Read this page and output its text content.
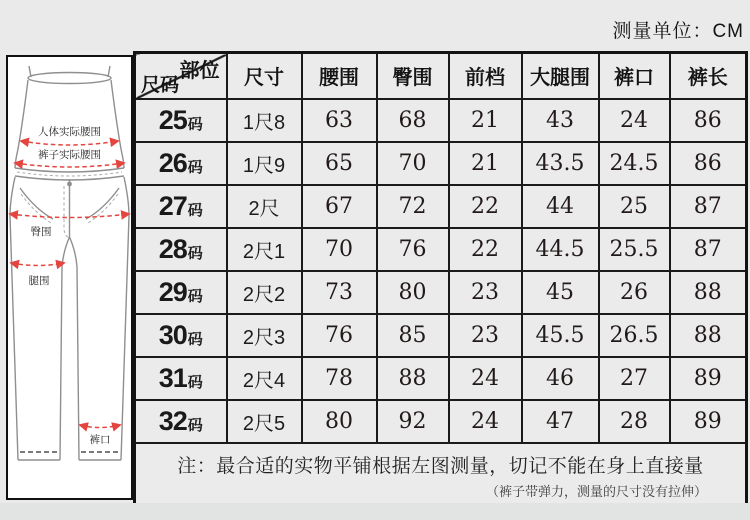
测量单位：CM
人体实际腰围
裤子实际腰围
臀围
腿围
裤口
部位
尺码	尺寸	腰围	臀围	前档	大腿围	裤口	裤长
25码	1尺8	63	68	21	43	24	86
26码	1尺9	65	70	21	43.5	24.5	86
27码	2尺	67	72	22	44	25	87
28码	2尺1	70	76	22	44.5	25.5	87
29码	2尺2	73	80	23	45	26	88
30码	2尺3	76	85	23	45.5	26.5	88
31码	2尺4	78	88	24	46	27	89
32码	2尺5	80	92	24	47	28	89

注：最合适的实物平铺根据左图测量，切记不能在身上直接量
（裤子带弹力，测量的尺寸没有拉伸）							
